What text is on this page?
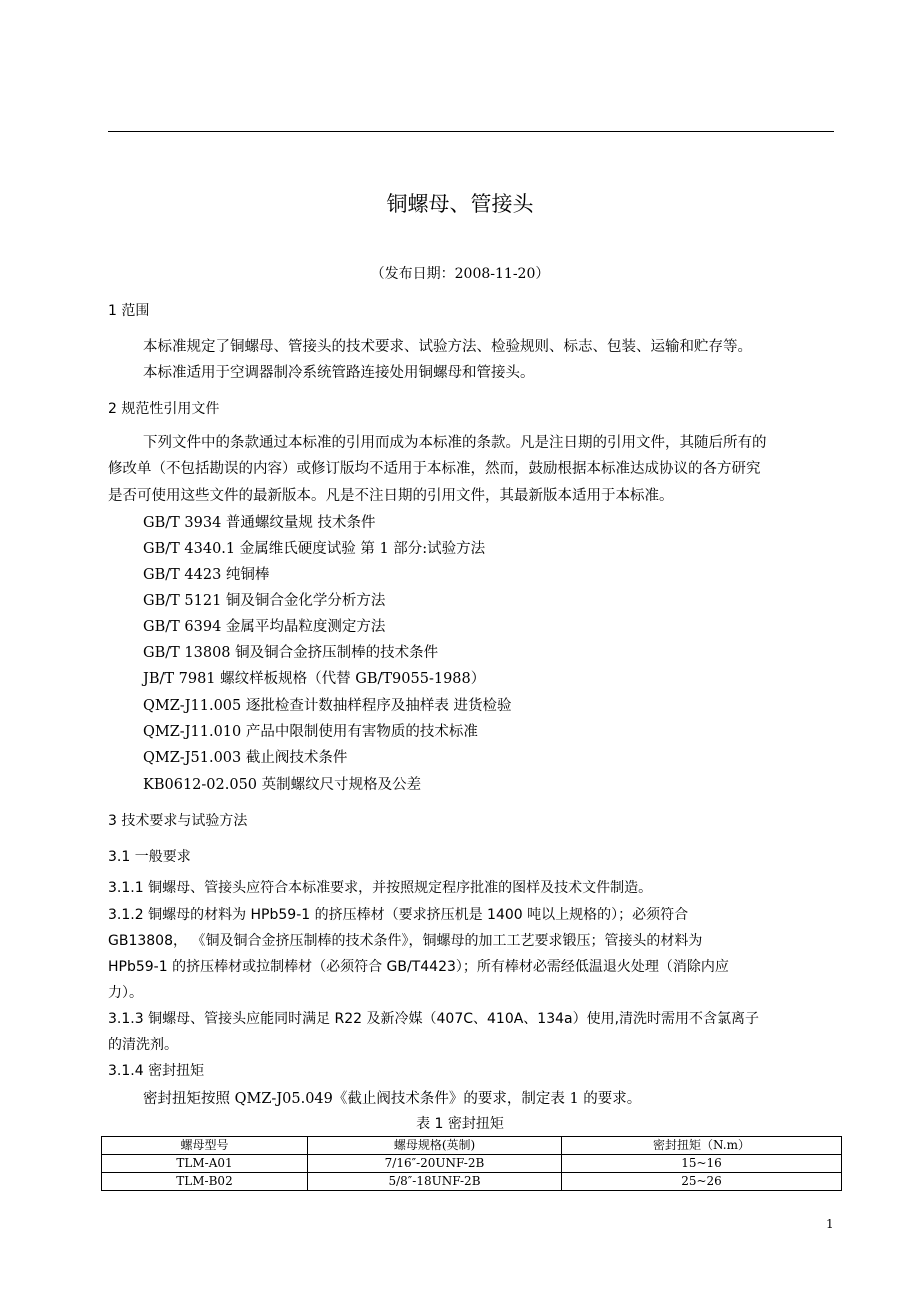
铜螺母、管接头
（发布日期：2008-11-20）
1 范围
本标准规定了铜螺母、管接头的技术要求、试验方法、检验规则、标志、包装、运输和贮存等。
本标准适用于空调器制冷系统管路连接处用铜螺母和管接头。
2 规范性引用文件
下列文件中的条款通过本标准的引用而成为本标准的条款。凡是注日期的引用文件，其随后所有的
修改单（不包括勘误的内容）或修订版均不适用于本标准，然而，鼓励根据本标准达成协议的各方研究
是否可使用这些文件的最新版本。凡是不注日期的引用文件，其最新版本适用于本标准。
GB/T 3934 普通螺纹量规 技术条件
GB/T 4340.1 金属维氏硬度试验 第 1 部分:试验方法
GB/T 4423 纯铜棒
GB/T 5121 铜及铜合金化学分析方法
GB/T 6394 金属平均晶粒度测定方法
GB/T 13808 铜及铜合金挤压制棒的技术条件
JB/T 7981 螺纹样板规格（代替 GB/T9055-1988）
QMZ-J11.005 逐批检查计数抽样程序及抽样表 进货检验
QMZ-J11.010 产品中限制使用有害物质的技术标准
QMZ-J51.003 截止阀技术条件
KB0612-02.050 英制螺纹尺寸规格及公差
3 技术要求与试验方法
3.1 一般要求
3.1.1 铜螺母、管接头应符合本标准要求，并按照规定程序批准的图样及技术文件制造。
3.1.2 铜螺母的材料为 HPb59-1 的挤压棒材（要求挤压机是 1400 吨以上规格的）；必须符合
GB13808， 《铜及铜合金挤压制棒的技术条件》，铜螺母的加工工艺要求锻压；管接头的材料为
HPb59-1 的挤压棒材或拉制棒材（必须符合 GB/T4423）；所有棒材必需经低温退火处理（消除内应
力）。
3.1.3 铜螺母、管接头应能同时满足 R22 及新冷媒（407C、410A、134a）使用,清洗时需用不含氯离子
的清洗剂。
3.1.4 密封扭矩
密封扭矩按照 QMZ-J05.049《截止阀技术条件》的要求，制定表 1 的要求。
表 1 密封扭矩
螺母型号	螺母规格(英制)	密封扭矩（N.m）
TLM-A01	7/16″-20UNF-2B	15~16
TLM-B02	5/8″-18UNF-2B	25~26
1
